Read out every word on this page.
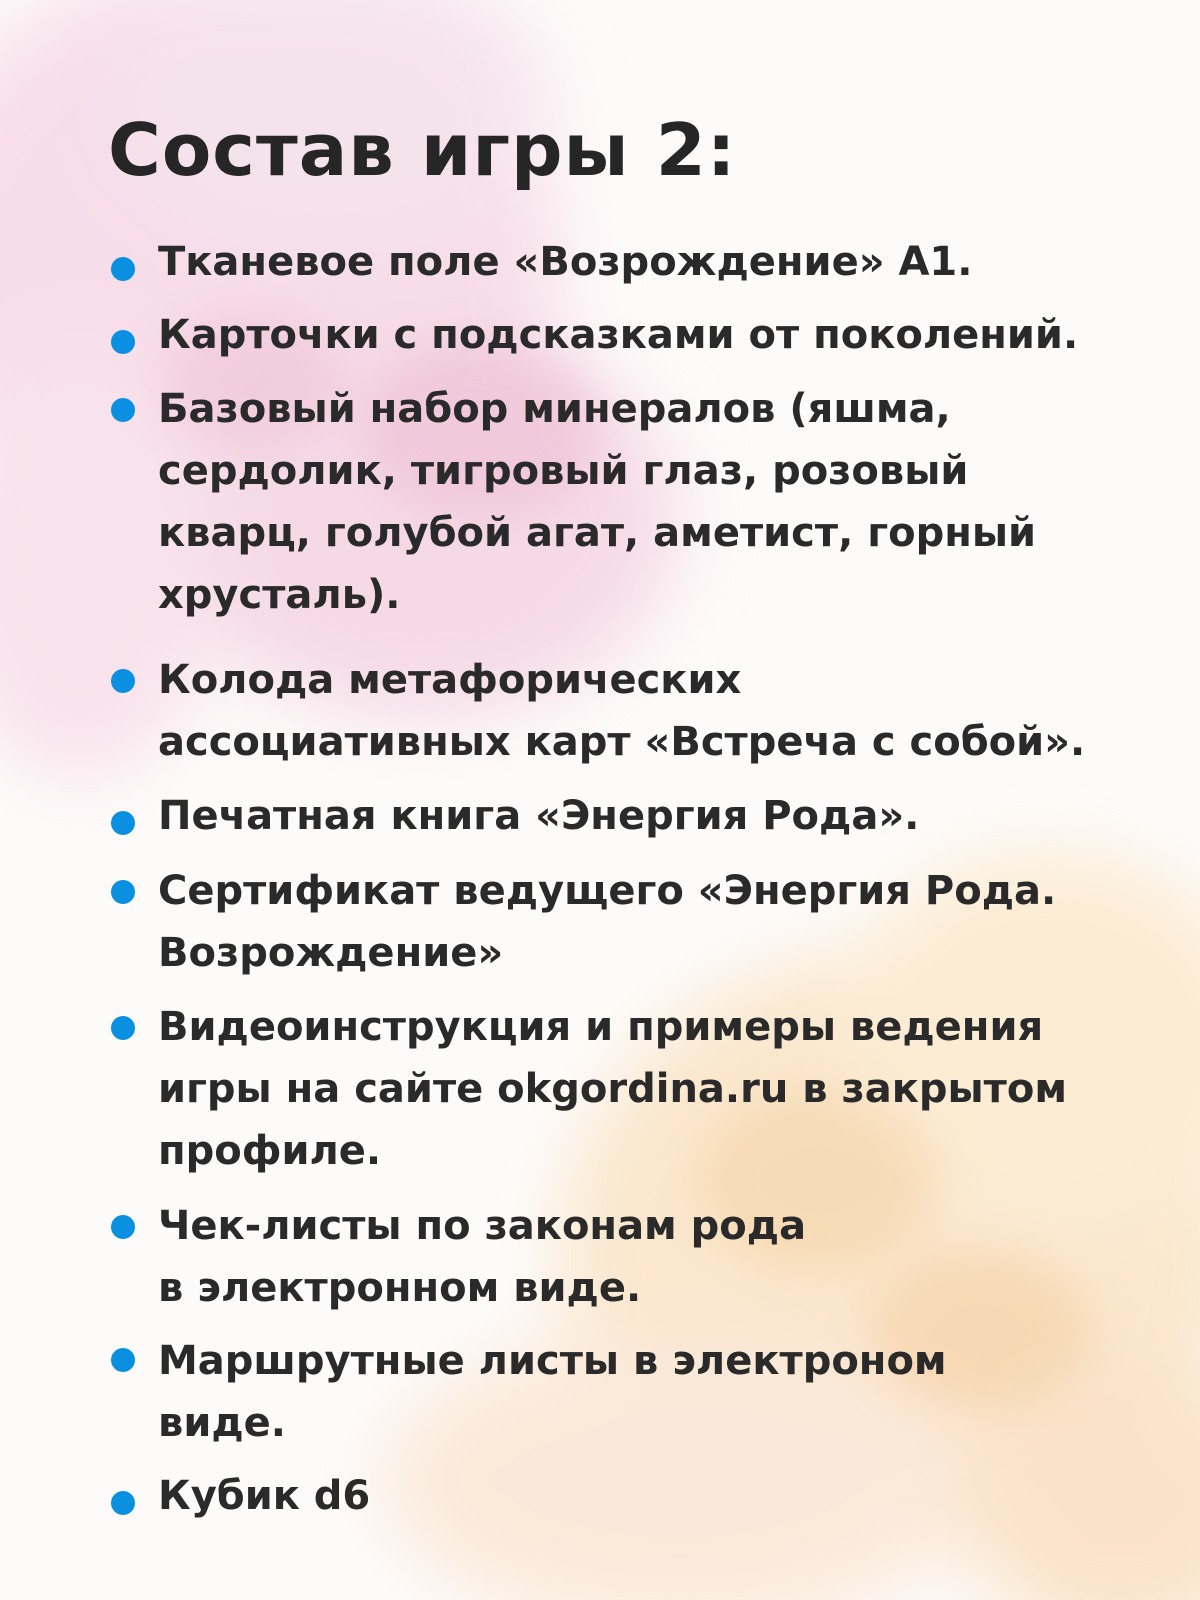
Состав игры 2:
Тканевое поле «Возрождение» А1.
Карточки с подсказками от поколений.
Базовый набор минералов (яшма,
сердолик, тигровый глаз, розовый
кварц, голубой агат, аметист, горный
хрусталь).
Колода метафорических
ассоциативных карт «Встреча с собой».
Печатная книга «Энергия Рода».
Сертификат ведущего «Энергия Рода.
Возрождение»
Видеоинструкция и примеры ведения
игры на сайте okgordina.ru в закрытом
профиле.
Чек-листы по законам рода
в электронном виде.
Маршрутные листы в электроном
виде.
Кубик d6
